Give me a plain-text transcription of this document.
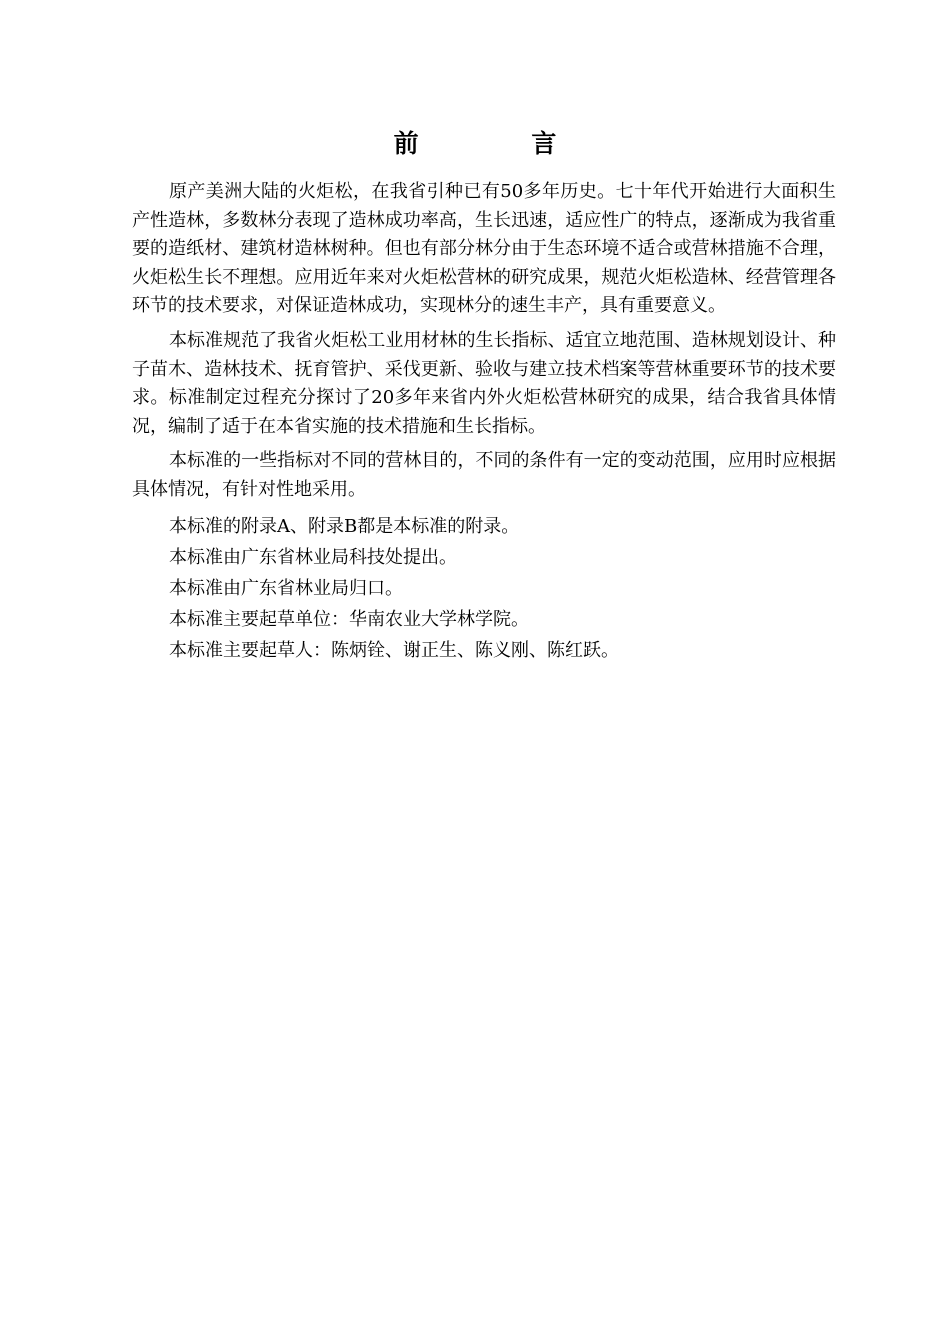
前 言

原产美洲大陆的火炬松，在我省引种已有50多年历史。七十年代开始进行大面积生产性造林，多数林分表现了造林成功率高，生长迅速，适应性广的特点，逐渐成为我省重要的造纸材、建筑材造林树种。但也有部分林分由于生态环境不适合或营林措施不合理，火炬松生长不理想。应用近年来对火炬松营林的研究成果，规范火炬松造林、经营管理各环节的技术要求，对保证造林成功，实现林分的速生丰产，具有重要意义。

本标准规范了我省火炬松工业用材林的生长指标、适宜立地范围、造林规划设计、种子苗木、造林技术、抚育管护、采伐更新、验收与建立技术档案等营林重要环节的技术要求。标准制定过程充分探讨了20多年来省内外火炬松营林研究的成果，结合我省具体情况，编制了适于在本省实施的技术措施和生长指标。

本标准的一些指标对不同的营林目的，不同的条件有一定的变动范围，应用时应根据具体情况，有针对性地采用。

本标准的附录A、附录B都是本标准的附录。

本标准由广东省林业局科技处提出。

本标准由广东省林业局归口。

本标准主要起草单位：华南农业大学林学院。

本标准主要起草人：陈炳铨、谢正生、陈义刚、陈红跃。
